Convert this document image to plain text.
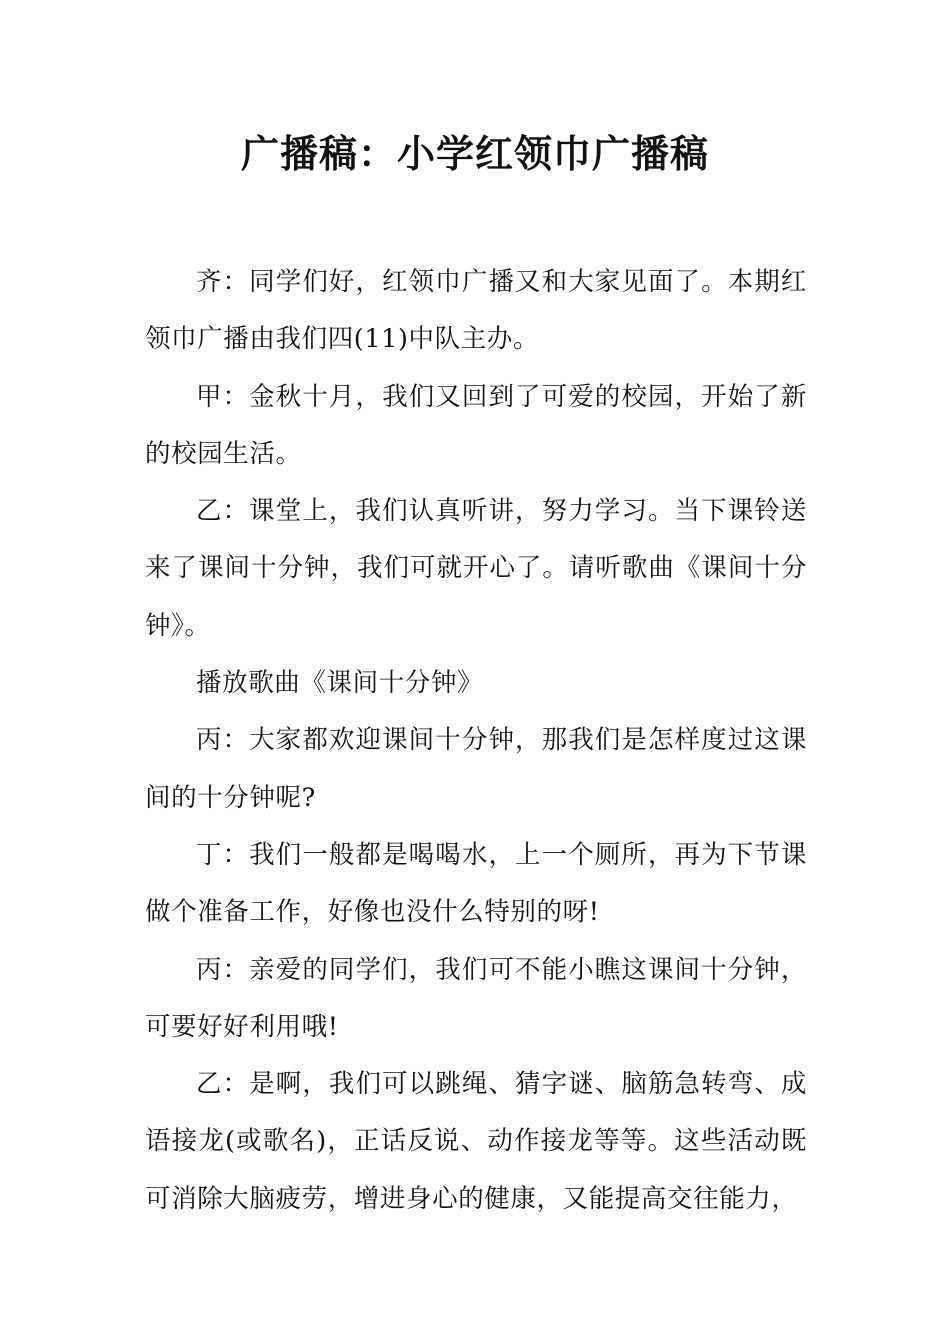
广播稿：小学红领巾广播稿

齐：同学们好，红领巾广播又和大家见面了。本期红领巾广播由我们四(11)中队主办。

甲：金秋十月，我们又回到了可爱的校园，开始了新的校园生活。

乙：课堂上，我们认真听讲，努力学习。当下课铃送来了课间十分钟，我们可就开心了。请听歌曲《课间十分钟》。

播放歌曲《课间十分钟》

丙：大家都欢迎课间十分钟，那我们是怎样度过这课间的十分钟呢?

丁：我们一般都是喝喝水，上一个厕所，再为下节课做个准备工作，好像也没什么特别的呀!

丙：亲爱的同学们，我们可不能小瞧这课间十分钟，可要好好利用哦!

乙：是啊，我们可以跳绳、猜字谜、脑筋急转弯、成语接龙(或歌名)，正话反说、动作接龙等等。这些活动既可消除大脑疲劳，增进身心的健康，又能提高交往能力，
